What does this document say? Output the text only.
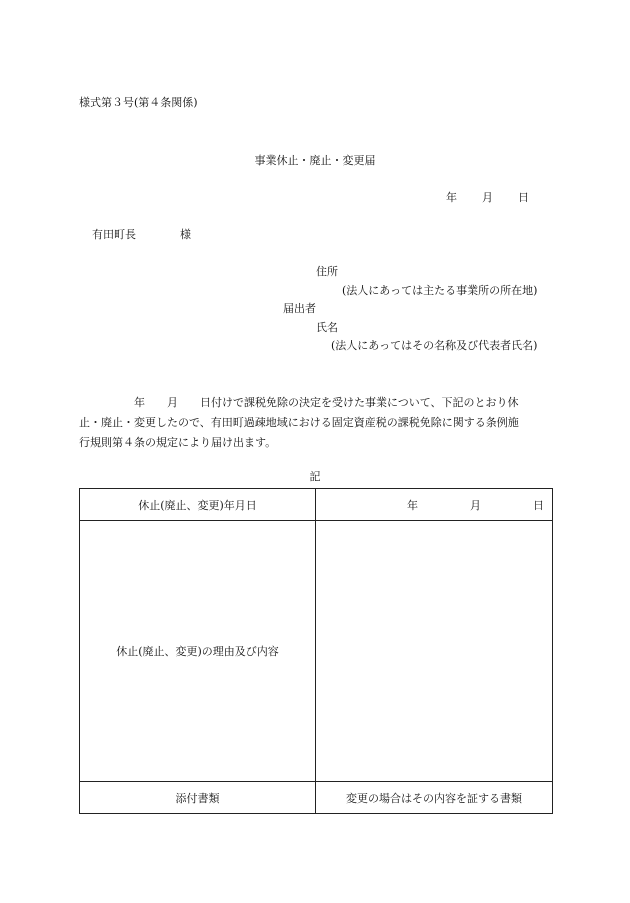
様式第３号(第４条関係)
事業休止・廃止・変更届
年 月 日
有田町長	様
住所
(法人にあっては主たる事業所の所在地)
届出者
氏名
(法人にあってはその名称及び代表者氏名)

　　　　　年　　月　　日付けで課税免除の決定を受けた事業について、下記のとおり休

止・廃止・変更したので、有田町過疎地域における固定資産税の課税免除に関する条例施

行規則第４条の規定により届け出ます。

記
休止(廃止、変更)年月日	年 月 日

休止(廃止、変更)の理由及び内容	
添付書類	変更の場合はその内容を証する書類
